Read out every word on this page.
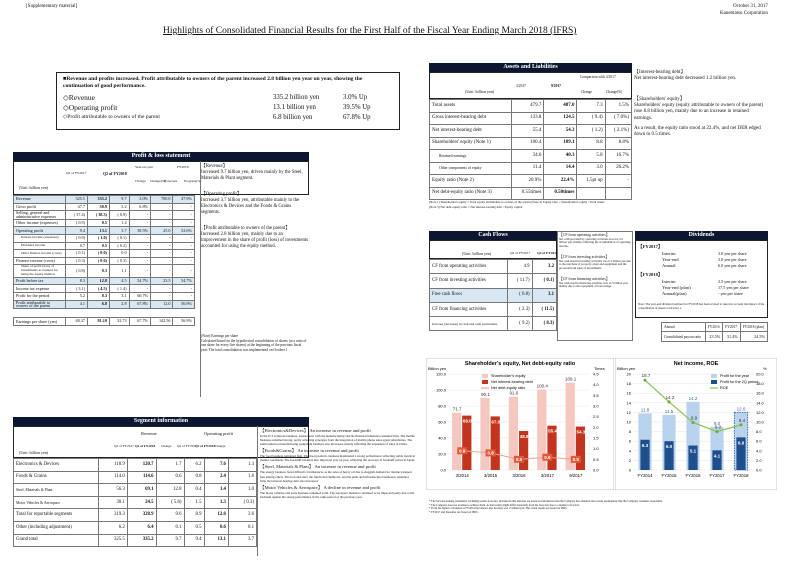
[Supplementary material]	October 31, 2017
Kanematsu Corporation
Highlights of Consolidated Financial Results for the First Half of the Fiscal Year Ending March 2018 (IFRS)
■Revenue and profits increased. Profit attributable to owners of the parent increased 2.8 billion yen year on year, showing the continuation of good performance.
◇Revenue	335.2 billion yen	3.0% Up
◇Operating profit	13.1 billion yen	39.5% Up
◇Profit attributable to owners of the parent	6.8 billion yen	67.8% Up
Profit & loss statement
(Unit: billion yen)
Q2 of FY2017	Q2 of FY2018
Year-on-year
Change Change(%)
FY2018
Forecasts Progress(%)
Revenue	325.5	335.2	9.7	3.0%	700.0	47.9%
Gross profit	47.7	50.9	3.2	6.8%	-	-
Selling, general and administrative expenses	( 37.4)	( 38.3)	( 0.9)	-	-	-
Other income (expenses)	( 0.9)	0.5	1.4	-	-	-
Operating profit	9.4	13.1	3.7	39.5%	25.0	52.6%
Interest income (expenses)	( 0.9)	( 1.0)	( 0.1)	-	-	-
Dividend income	0.7	0.5	( 0.2)	-	-	-
Other finance income (costs)	( 0.1)	( 0.0)	0.0	-	-	-
Finance income (costs)	( 0.3)	( 0.6)	( 0.3)	-	-	-
Share of profit (loss) of investments accounted for using the equity method	( 0.8)	0.3	1.1	-	-	-
Profit before tax	8.3	12.8	4.5	54.7%	23.5	54.7%
Income tax expense	( 3.1)	( 4.5)	( 1.4)	-	-	-
Profit for the period	5.2	8.3	3.1	60.7%	-	-
Profit attributable to owners of the parent	4.1	6.8	2.8	67.8%	12.0	56.9%

Earnings per share (yen)	48.37	81.10	32.73	67.7%	142.56	56.9%
【Revenue】
Increased 9.7 billion yen, driven mainly by the Steel, Materials & Plant segment.
【Operating profit】
Increased 3.7 billion yen, attributable mainly to the Electronics & Devices and the Foods & Grains segments.
【Profit attributable to owners of the parent】
Increased 2.8 billion yen, mainly due to an improvement in the share of profit (loss) of investments accounted for using the equity method.
(Note) Earnings per share
Calculated based on the hypothetical consolidation of shares (at a ratio of one share for every five shares) at the beginning of the previous fiscal year. The total consolidation was implemented on October 1.
Segment information
(Unit: billion yen)
Revenue	Operating profit
Q2 of FY2017 Q2 of FY2018 Change Q2 of FY2017
Q2 of FY2018 Change
Electronics & Devices	118.9	120.7	1.7	6.2	7.6	1.3
Foods & Grains	114.0	114.6	0.6	0.8	2.4	1.6
Steel, Materials & Plant	56.3	69.1	12.8	0.4	1.4	1.0
Motor Vehicles & Aerospace	30.1	24.5	( 5.6)	1.5	1.3	( 0.3)
Total for reportable segments	319.3	328.9	9.6	8.9	12.6	3.6
Other (including adjustment)	6.2	6.4	0.1	0.5	0.6	0.1
Grand total	325.5	335.2	9.7	9.4	13.1	3.7
【Electronics&Devices】 An increase in revenue and profit
In the ICT solutions business, transactions with the manufacturing and the financial industries remained firm. The mobile business remained strong, partly reflecting synergies from the integration of mobile phone sales agent subsidiaries. The semiconductor manufacturing equipment business also increased, mainly reflecting the expansion of sales in China.
【Foods&Grains】 An increase in revenue and profit
The food business remained firm. The meat products business maintained a strong performance reflecting stable trends in market conditions. The feedstuff business also improved year on year, reflecting the recovery of feedstuff prices in Japan.
【Steel, Materials & Plant】 An increase in revenue and profit
The energy business faced difficult circumstances as the sales of heavy oil due to sluggish demand for marine transport fuel among others. The iron and steel, the functional chemicals, and the plant and infrastructure businesses remained firm. Net interest-bearing debt also increased.
【Motor Vehicles & Aerospace】 A decline in revenue and profit
The motor vehicles and parts business remained solid. The aerospace business continued to be impacted partly due to the backlash against the strong performance in the same period of the previous year.
Assets and Liabilities
(Unit: billion yen)
Comparison with 3/2017
3/2017	9/2017
Change	Change(%)
Total assets	479.7	487.0	7.3	1.5%
Gross interest-bearing debt	133.8	124.5	( 9.4)	( 7.0%)
Net interest-bearing debt	55.4	54.3	( 1.2)	( 2.1%)
Shareholders' equity (Note 1)	100.4	109.1	8.8	8.8%
Retained earnings	34.6	40.3	5.8	16.7%
Other components of equity	11.4	14.4	3.0	26.2%
Equity ratio (Note 2)	20.9%	22.4%	1.5pt up	-
Net debt-equity ratio (Note 3)	0.55times	0.50times		
(Note 1) Shareholder's equity = Total equity attributable to owners of the parent (Note 2) Equity ratio = Shareholder's equity / Total assets
(Note 3) Net debt-equity ratio = Net interest-bearing debt / Equity capital
【Interest-bearing debt】
Net interest-bearing debt decreased 1.2 billion yen.
【Shareholders' equity】
Shareholders' equity (equity attributable to owners of the parent) rose 8.8 billion yen, mainly due to an increase in retained earnings.
As a result, the equity ratio stood at 22.4%, and net DER edged down to 0.5 times.
Cash Flows
(Unit: billion yen)	Q2 of FY2017 Q2 of FY2018
CF from operating activities	4.9	3.2
CF from investing activities	( 11.7)	( 0.1)
Free cash flows	( 6.8)	3.1
CF from financing activities	( 2.3)	( 11.5)
Increase (decrease) in cash and cash equivalents	( 9.2)	( 8.3)
【CF from operating activities】
Net cash provided by operating activities stood at 3.2 billion yen, mainly reflecting the accumulation of operating income.
【CF from investing activities】
Net cash used in investing activities was 0.1 billion yen due to the purchase of property, plant and equipment and the proceeds from sales of investments.
【CF from financing activities】
Net cash used in financing activities was 11.5 billion yen, mainly due to the repayment of borrowings.
Dividends
【FY2017】
Interim	3.0 yen per share
Year-end	3.0 yen per share
Annual	6.0 yen per share
【FY2018】
Interim	3.5 yen per share
Year-end (plan)	17.5 yen per share
Annual(plan)	- yen per share
Note: The year-end dividend payment for FY2018 has been revised to take into account the impact of the consolidation of shares at October 1.
Annual	FY2016	FY2017	FY2018 (plan)
Consolidated payout ratio	23.5%	31.4%	24.5%
Shareholder's equity, Net debt-equity ratio
Billion yen	Times
0.0
20.0
40.0
60.0
80.0
100.0
120.0
0.0
0.5
1.0
1.5
2.0
2.5
3.0
3.5
4.0
4.5
71.7
68.0
3/2014
90.1
67.0
3/2015
91.6
48.8
3/2016
100.4
55.4
3/2017
109.1
54.3
9/2017
0.9	0.8
0.5	0.6	0.5
Shareholder's equity
Net interest-bearing debt
Net debt-equity ratio
Net income, ROE
Billion yen	%
0
2
4
6
8
10
12
14
16
18
20
0.0
2.0
4.0
6.0
8.0
10.0
12.0
14.0
16.0
18.0
20.0
11.8
6.3
FY2014
11.5
6.0
FY2015
14.2
5.1
FY2016
9.0
4.1
FY2017
12.0
6.8
FY2018
18.7
14.2
9.9
8.0
9.4
Profit for the year
Profit for the 2Q period
ROE
* The forward-looking statements, including results forecasts, included in this material are based on information that the Company has obtained and certain assumptions that the Company considers reasonable.
* The Company does not promise to achieve them. Actual results might differ materially from the forecasts due to a number of factors.
* From the figures calculated as FY2014 the balance (net income) was 15 billion yen. The actual results are based on IFRS.
* FY2017 and thereafter are based on IFRS.
